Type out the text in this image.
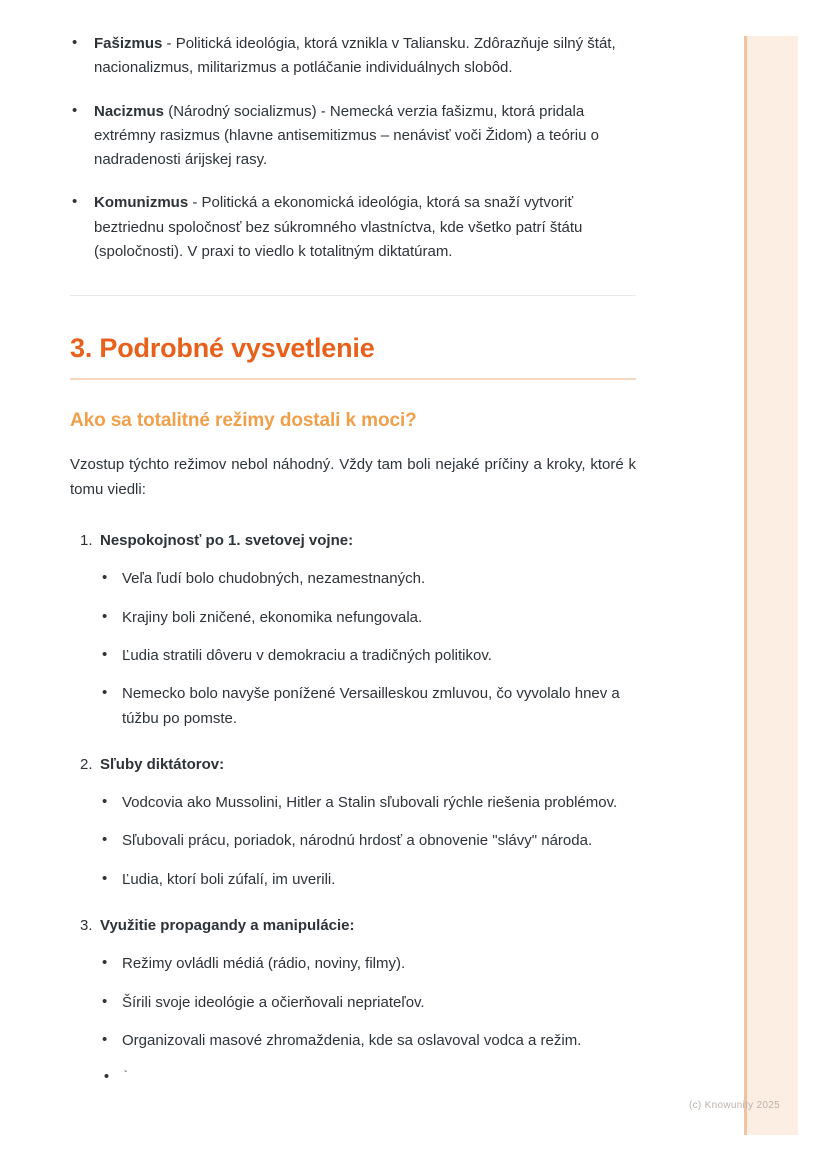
• Fašizmus - Politická ideológia, ktorá vznikla v Taliansku. Zdôrazňuje silný štát, nacionalizmus, militarizmus a potláčanie individuálnych slobôd.
• Nacizmus (Národný socializmus) - Nemecká verzia fašizmu, ktorá pridala extrémny rasizmus (hlavne antisemitizmus – nenávisť voči Židom) a teóriu o nadradenosti árijskej rasy.
• Komunizmus - Politická a ekonomická ideológia, ktorá sa snaží vytvoriť beztriednu spoločnosť bez súkromného vlastníctva, kde všetko patrí štátu (spoločnosti). V praxi to viedlo k totalitným diktatúram.
3. Podrobné vysvetlenie
Ako sa totalitné režimy dostali k moci?

Vzostup týchto režimov nebol náhodný. Vždy tam boli nejaké príčiny a kroky, ktoré k tomu viedli:

Nespokojnosť po 1. svetovej vojne:
• Veľa ľudí bolo chudobných, nezamestnaných.
• Krajiny boli zničené, ekonomika nefungovala.
• Ľudia stratili dôveru v demokraciu a tradičných politikov.
• Nemecko bolo navyše ponížené Versailleskou zmluvou, čo vyvolalo hnev a túžbu po pomste.
Sľuby diktátorov:
• Vodcovia ako Mussolini, Hitler a Stalin sľubovali rýchle riešenia problémov.
• Sľubovali prácu, poriadok, národnú hrdosť a obnovenie "slávy" národa.
• Ľudia, ktorí boli zúfalí, im uverili.
Využitie propagandy a manipulácie:
• Režimy ovládli médiá (rádio, noviny, filmy).
• Šírili svoje ideológie a očierňovali nepriateľov.
• Organizovali masové zhromaždenia, kde sa oslavoval vodca a režim.
• `
(c) Knowunity 2025
